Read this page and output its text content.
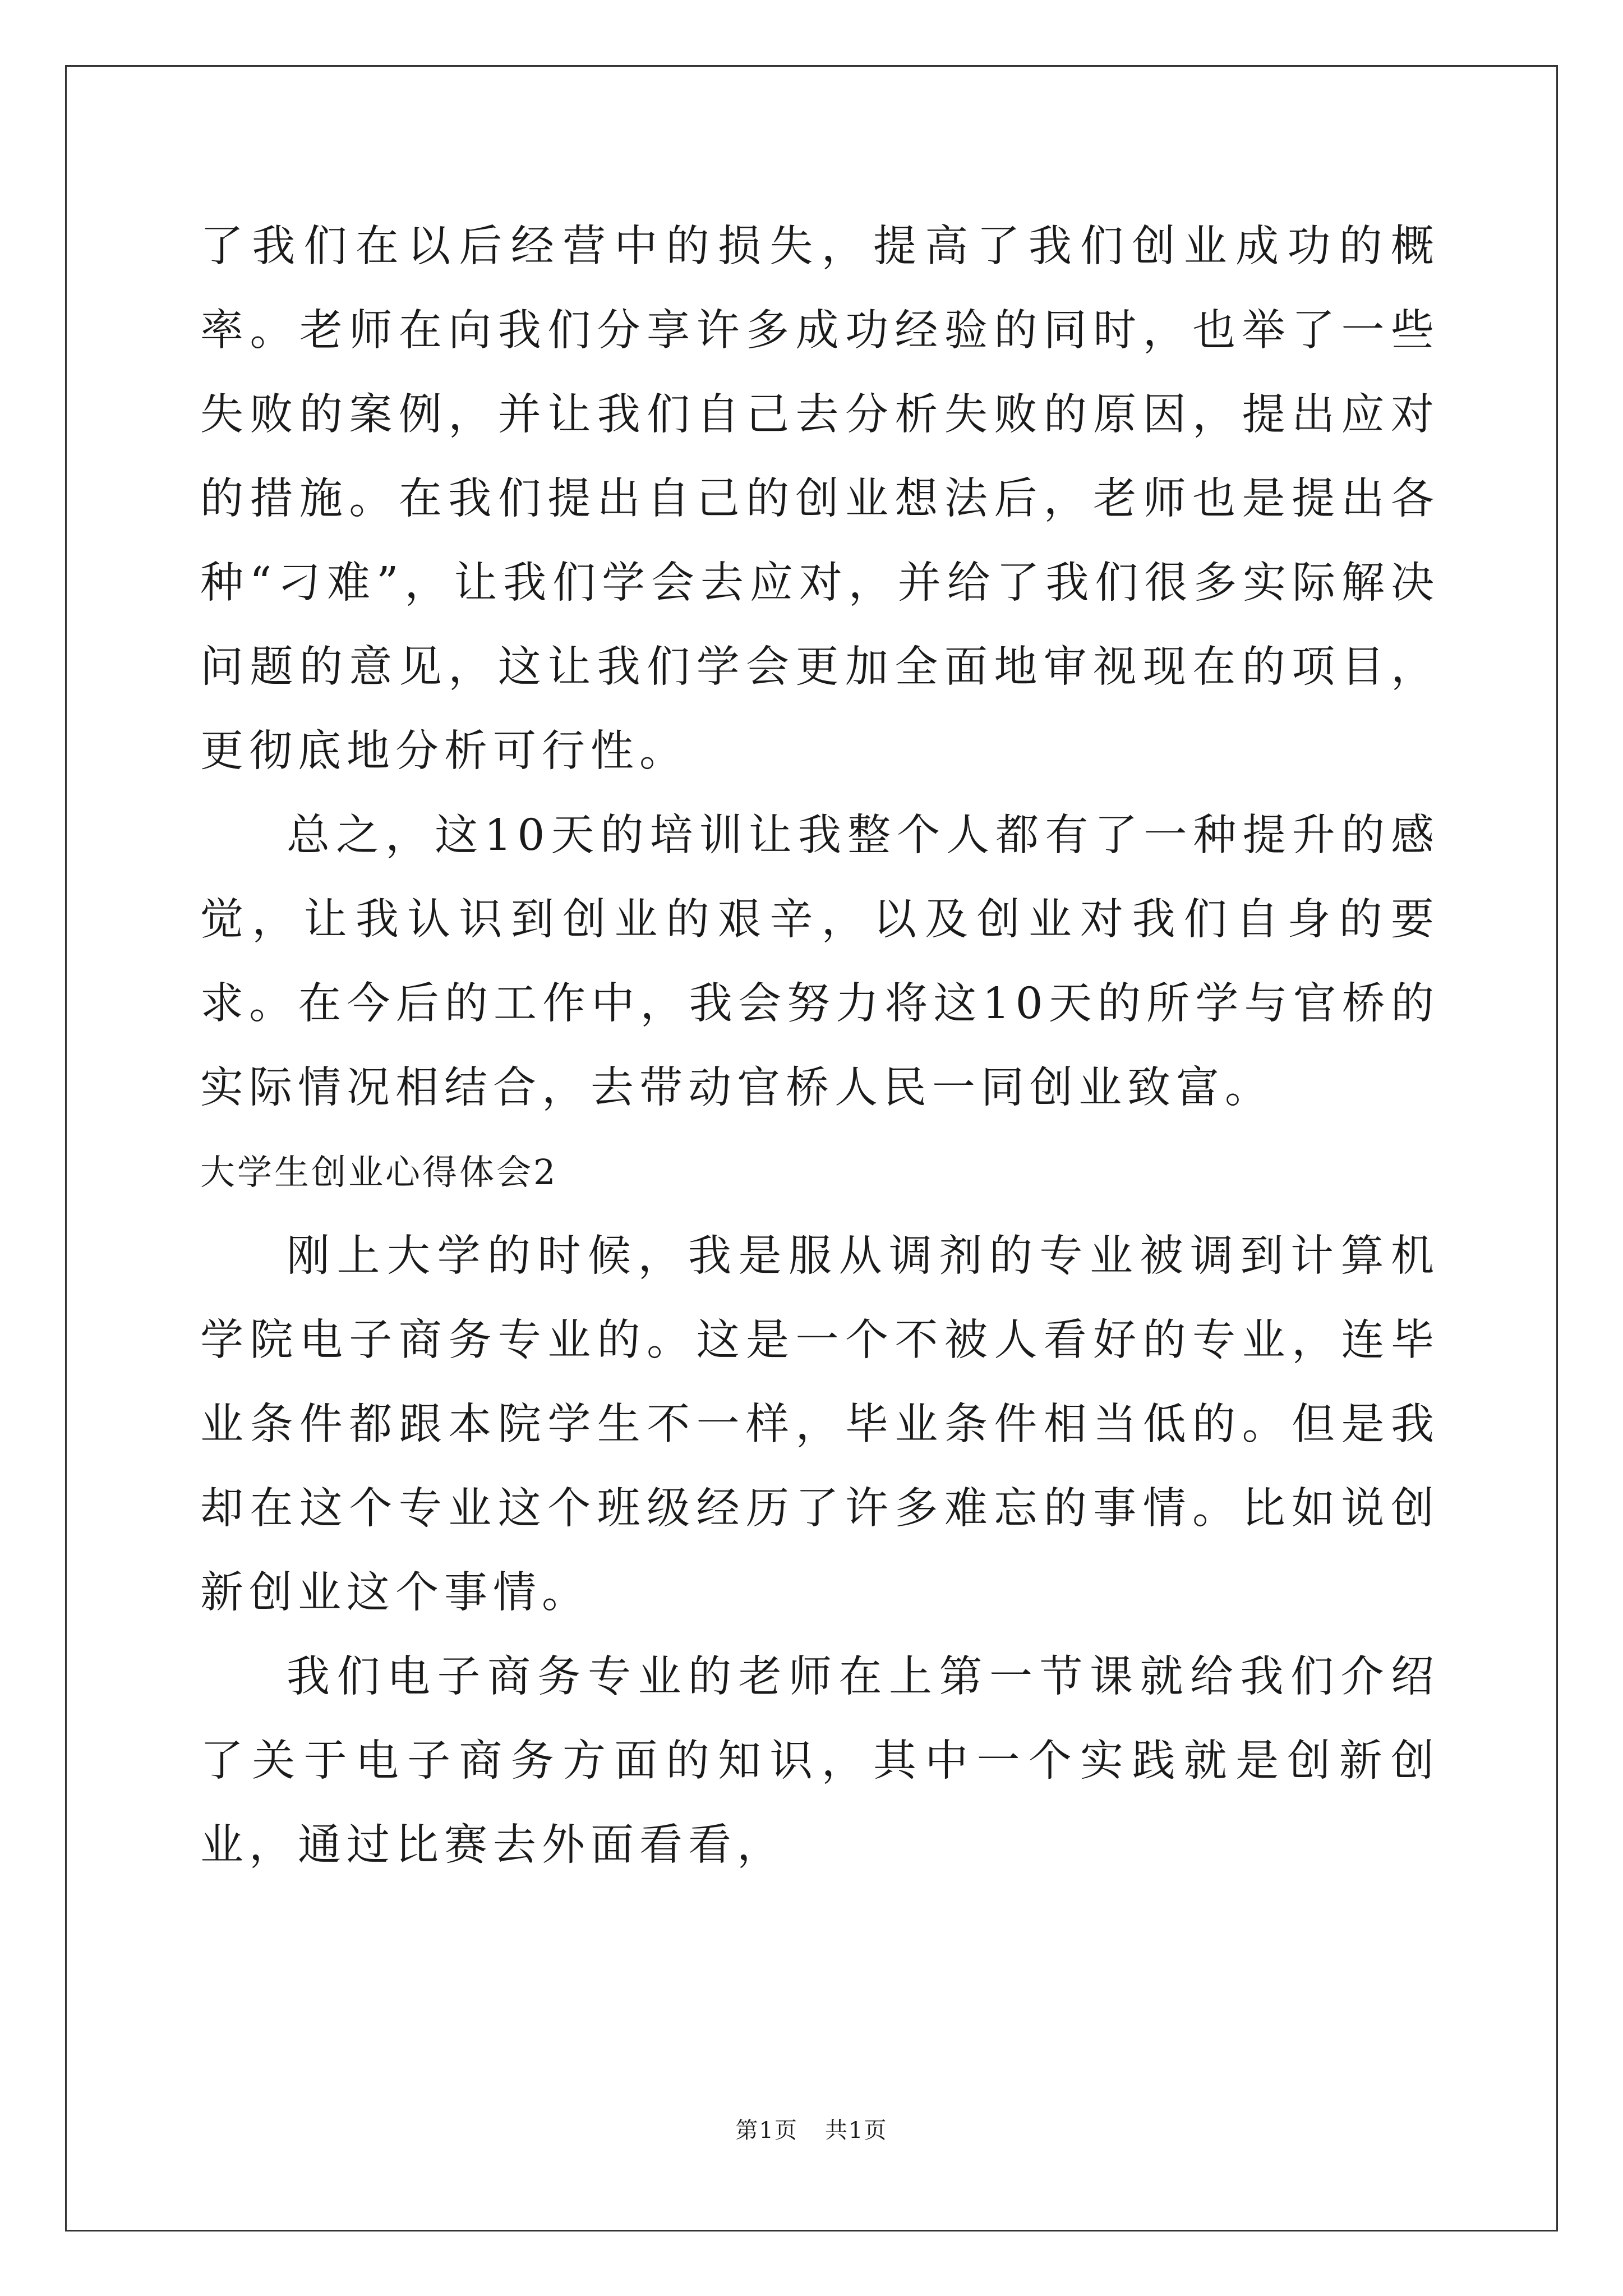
了我们在以后经营中的损失，提高了我们创业成功的概率。老师在向我们分享许多成功经验的同时，也举了一些失败的案例，并让我们自己去分析失败的原因，提出应对的措施。在我们提出自己的创业想法后，老师也是提出各种“刁难”，让我们学会去应对，并给了我们很多实际解决问题的意见，这让我们学会更加全面地审视现在的项目，更彻底地分析可行性。

总之，这10天的培训让我整个人都有了一种提升的感觉，让我认识到创业的艰辛，以及创业对我们自身的要求。在今后的工作中，我会努力将这10天的所学与官桥的实际情况相结合，去带动官桥人民一同创业致富。

大学生创业心得体会2

刚上大学的时候，我是服从调剂的专业被调到计算机学院电子商务专业的。这是一个不被人看好的专业，连毕业条件都跟本院学生不一样，毕业条件相当低的。但是我却在这个专业这个班级经历了许多难忘的事情。比如说创新创业这个事情。

我们电子商务专业的老师在上第一节课就给我们介绍了关于电子商务方面的知识，其中一个实践就是创新创业，通过比赛去外面看看，

第1页 共1页
